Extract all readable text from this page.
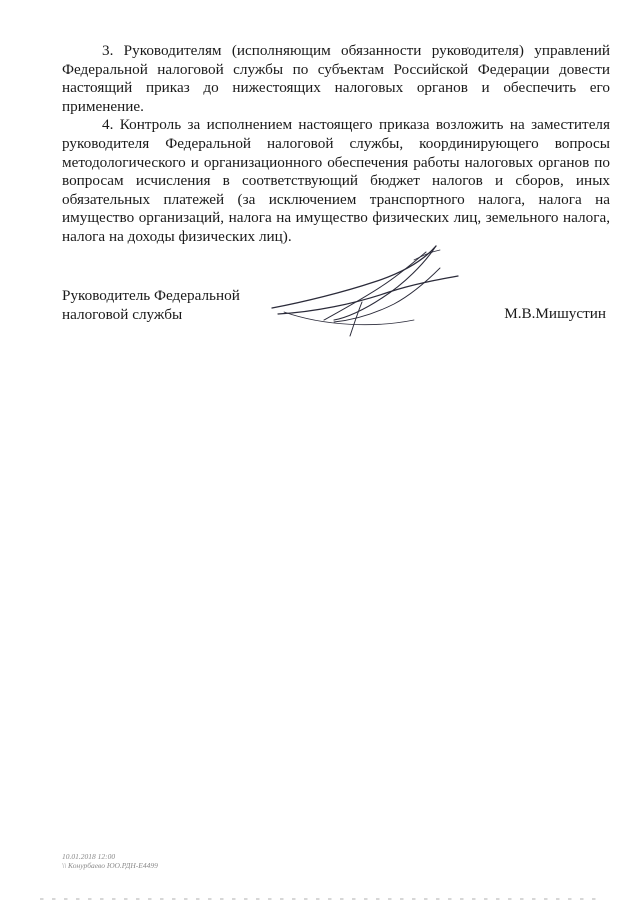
3. Руководителям (исполняющим обязанности руководителя) управлений Федеральной налоговой службы по субъектам Российской Федерации довести настоящий приказ до нижестоящих налоговых органов и обеспечить его применение.

4. Контроль за исполнением настоящего приказа возложить на заместителя руководителя Федеральной налоговой службы, координирующего вопросы методологического и организационного обеспечения работы налоговых органов по вопросам исчисления в соответствующий бюджет налогов и сборов, иных обязательных платежей (за исключением транспортного налога, налога на имущество организаций, налога на имущество физических лиц, земельного налога, налога на доходы физических лиц).

Руководитель Федеральной
налоговой службы	М.В.Мишустин
10.01.2018 12:00
\\ Конурбаево ЮО.РДН-Е4499
